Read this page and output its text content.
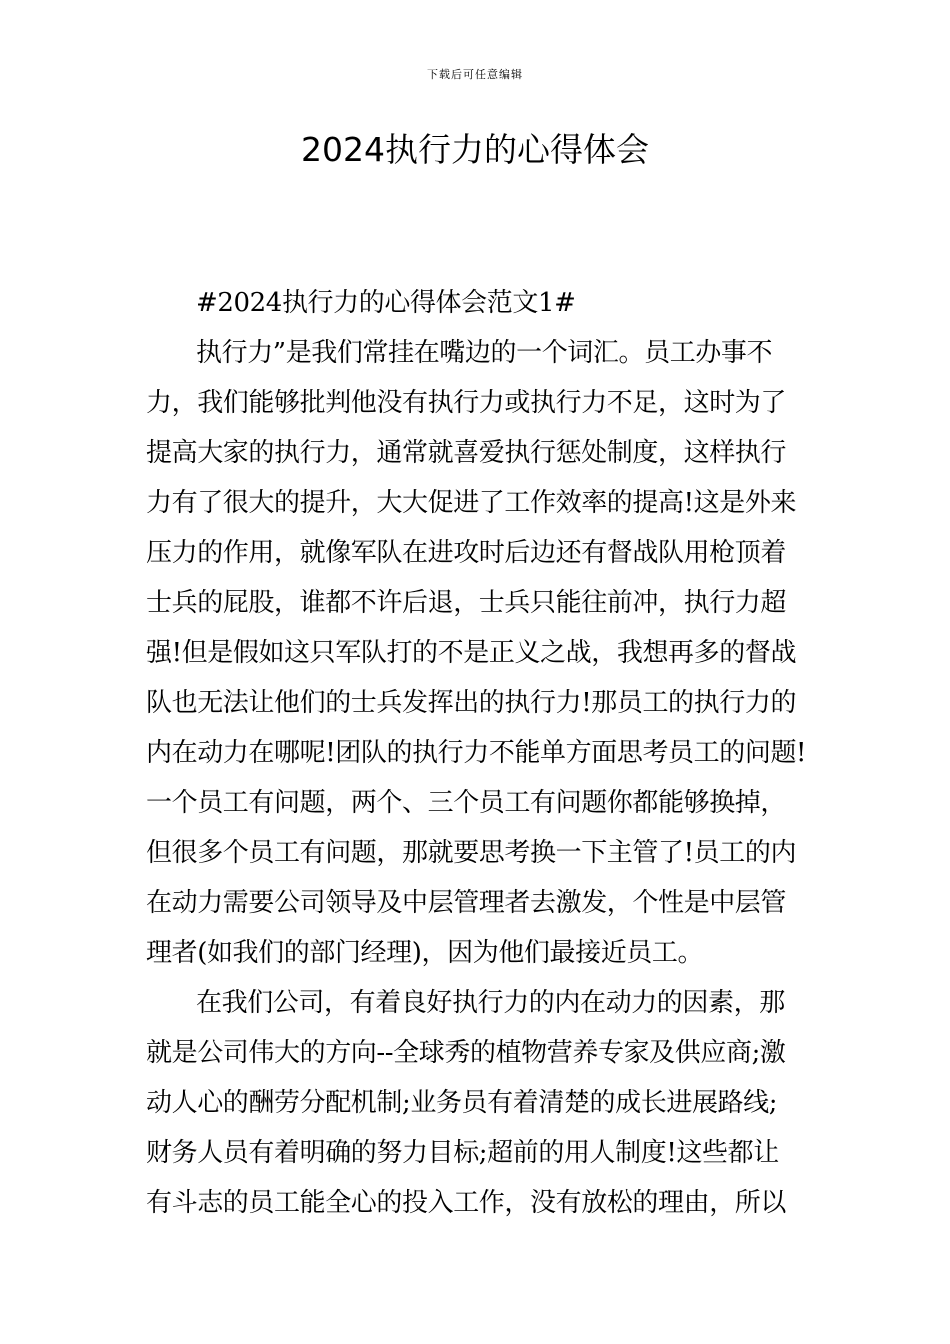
下载后可任意编辑
2024执行力的心得体会
#2024执行力的心得体会范文1#
执行力”是我们常挂在嘴边的一个词汇。员工办事不
力，我们能够批判他没有执行力或执行力不足，这时为了
提高大家的执行力，通常就喜爱执行惩处制度，这样执行
力有了很大的提升，大大促进了工作效率的提高!这是外来
压力的作用，就像军队在进攻时后边还有督战队用枪顶着
士兵的屁股，谁都不许后退，士兵只能往前冲，执行力超
强!但是假如这只军队打的不是正义之战，我想再多的督战
队也无法让他们的士兵发挥出的执行力!那员工的执行力的
内在动力在哪呢!团队的执行力不能单方面思考员工的问题!
一个员工有问题，两个、三个员工有问题你都能够换掉，
但很多个员工有问题，那就要思考换一下主管了!员工的内
在动力需要公司领导及中层管理者去激发，个性是中层管
理者(如我们的部门经理)，因为他们最接近员工。
在我们公司，有着良好执行力的内在动力的因素，那
就是公司伟大的方向--全球秀的植物营养专家及供应商;激
动人心的酬劳分配机制;业务员有着清楚的成长进展路线;
财务人员有着明确的努力目标;超前的用人制度!这些都让
有斗志的员工能全心的投入工作，没有放松的理由，所以
